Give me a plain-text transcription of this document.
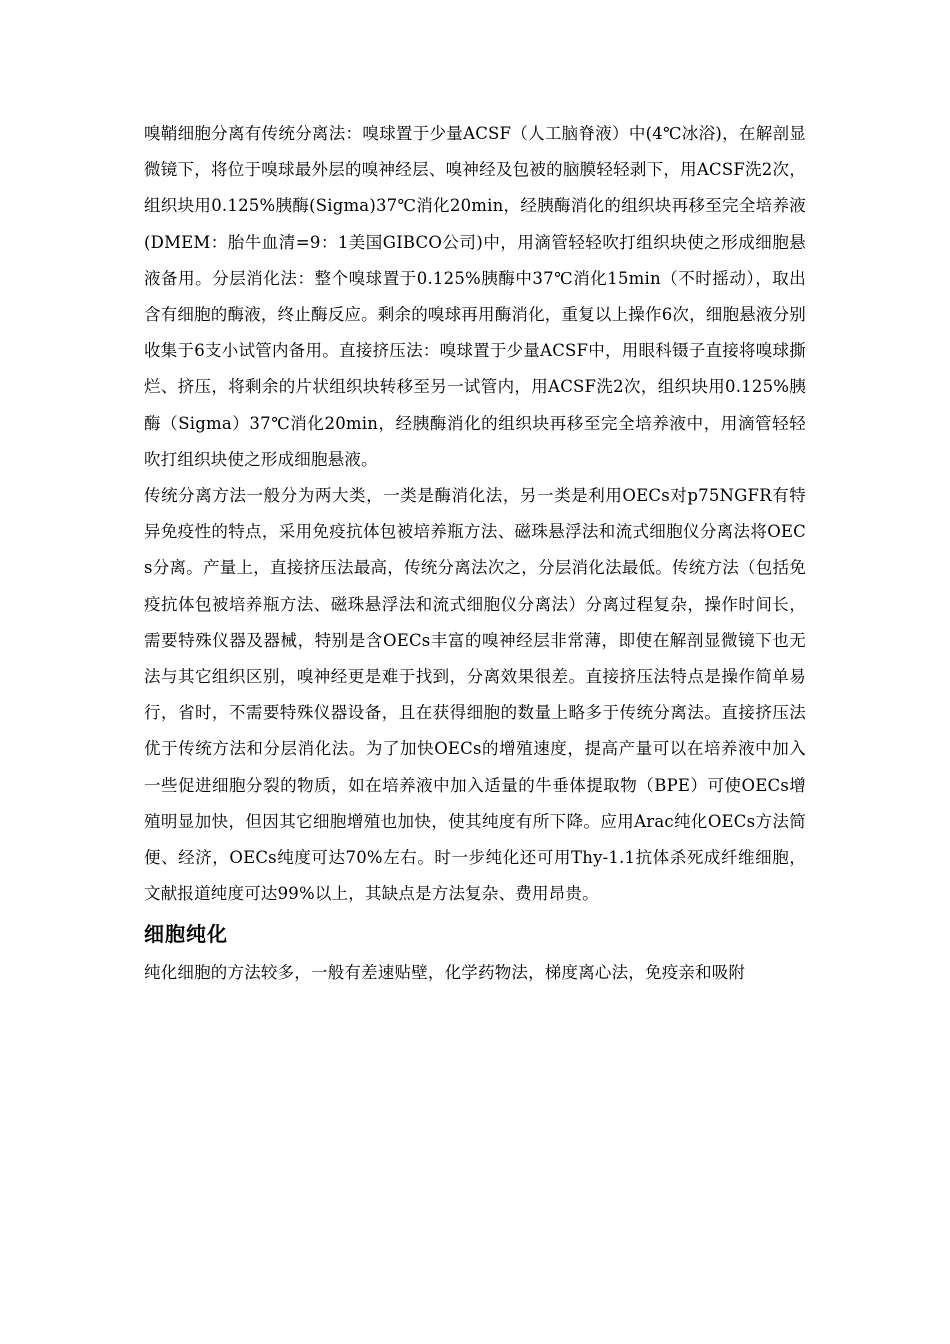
嗅鞘细胞分离有传统分离法：嗅球置于少量ACSF（人工脑脊液）中(4℃冰浴)，在解剖显微镜下，将位于嗅球最外层的嗅神经层、嗅神经及包被的脑膜轻轻剥下，用ACSF洗2次，组织块用0.125%胰酶(Sigma)37℃消化20min，经胰酶消化的组织块再移至完全培养液(DMEM：胎牛血清=9：1美国GIBCO公司)中，用滴管轻轻吹打组织块使之形成细胞悬液备用。分层消化法：整个嗅球置于0.125%胰酶中37℃消化15min（不时摇动），取出含有细胞的酶液，终止酶反应。剩余的嗅球再用酶消化，重复以上操作6次，细胞悬液分别收集于6支小试管内备用。直接挤压法：嗅球置于少量ACSF中，用眼科镊子直接将嗅球撕烂、挤压，将剩余的片状组织块转移至另一试管内，用ACSF洗2次，组织块用0.125%胰酶（Sigma）37℃消化20min，经胰酶消化的组织块再移至完全培养液中，用滴管轻轻吹打组织块使之形成细胞悬液。

传统分离方法一般分为两大类，一类是酶消化法，另一类是利用OECs对p75NGFR有特异免疫性的特点，采用免疫抗体包被培养瓶方法、磁珠悬浮法和流式细胞仪分离法将OECs分离。产量上，直接挤压法最高，传统分离法次之，分层消化法最低。传统方法（包括免疫抗体包被培养瓶方法、磁珠悬浮法和流式细胞仪分离法）分离过程复杂，操作时间长，需要特殊仪器及器械，特别是含OECs丰富的嗅神经层非常薄，即使在解剖显微镜下也无法与其它组织区别，嗅神经更是难于找到，分离效果很差。直接挤压法特点是操作简单易行，省时，不需要特殊仪器设备，且在获得细胞的数量上略多于传统分离法。直接挤压法优于传统方法和分层消化法。为了加快OECs的增殖速度，提高产量可以在培养液中加入一些促进细胞分裂的物质，如在培养液中加入适量的牛垂体提取物（BPE）可使OECs增殖明显加快，但因其它细胞增殖也加快，使其纯度有所下降。应用Arac纯化OECs方法简便、经济，OECs纯度可达70%左右。时一步纯化还可用Thy-1.1抗体杀死成纤维细胞，文献报道纯度可达99%以上，其缺点是方法复杂、费用昂贵。

细胞纯化

纯化细胞的方法较多，一般有差速贴壁，化学药物法，梯度离心法，免疫亲和吸附
